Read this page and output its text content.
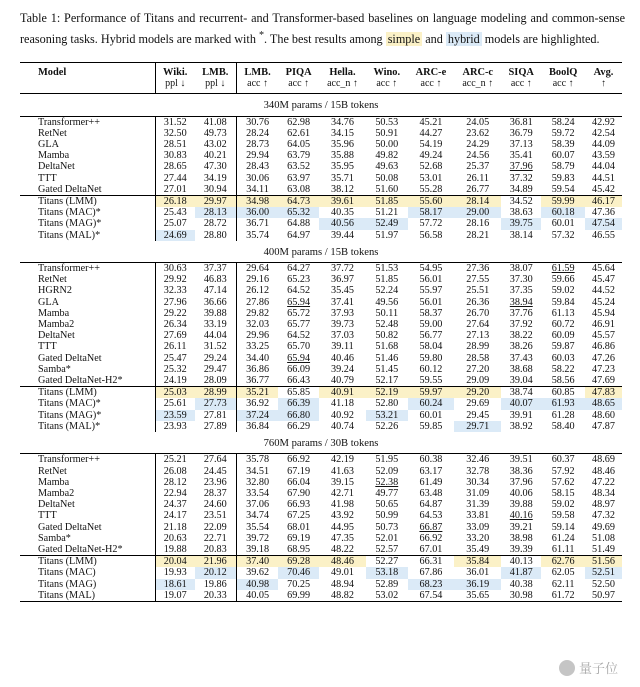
Table 1: Performance of Titans and recurrent- and Transformer-based baselines on language modeling and common-sense reasoning tasks. Hybrid models are marked with *. The best results among simple and hybrid models are highlighted.
Model	Wiki.	LMB.	LMB.	PIQA	Hella.	Wino.	ARC-e	ARC-c	SIQA	BoolQ	Avg.
	ppl ↓	ppl ↓	acc ↑	acc ↑	acc_n ↑	acc ↑	acc ↑	acc_n ↑	acc ↑	acc ↑	↑
340M params / 15B tokens											
Transformer++	31.52	41.08	30.76	62.98	34.76	50.53	45.21	24.05	36.81	58.24	42.92
RetNet	32.50	49.73	28.24	62.61	34.15	50.91	44.27	23.62	36.79	59.72	42.54
GLA	28.51	43.02	28.73	64.05	35.96	50.00	54.19	24.29	37.13	58.39	44.09
Mamba	30.83	40.21	29.94	63.79	35.88	49.82	49.24	24.56	35.41	60.07	43.59
DeltaNet	28.65	47.30	28.43	63.52	35.95	49.63	52.68	25.37	37.96	58.79	44.04
TTT	27.44	34.19	30.06	63.97	35.71	50.08	53.01	26.11	37.32	59.83	44.51
Gated DeltaNet	27.01	30.94	34.11	63.08	38.12	51.60	55.28	26.77	34.89	59.54	45.42
Titans (LMM)	26.18	29.97	34.98	64.73	39.61	51.85	55.60	28.14	34.52	59.99	46.17
Titans (MAC)*	25.43	28.13	36.00	65.32	40.35	51.21	58.17	29.00	38.63	60.18	47.36
Titans (MAG)*	25.07	28.72	36.71	64.88	40.56	52.49	57.72	28.16	39.75	60.01	47.54
Titans (MAL)*	24.69	28.80	35.74	64.97	39.44	51.97	56.58	28.21	38.14	57.32	46.55
400M params / 15B tokens											
Transformer++	30.63	37.37	29.64	64.27	37.72	51.53	54.95	27.36	38.07	61.59	45.64
RetNet	29.92	46.83	29.16	65.23	36.97	51.85	56.01	27.55	37.30	59.66	45.47
HGRN2	32.33	47.14	26.12	64.52	35.45	52.24	55.97	25.51	37.35	59.02	44.52
GLA	27.96	36.66	27.86	65.94	37.41	49.56	56.01	26.36	38.94	59.84	45.24
Mamba	29.22	39.88	29.82	65.72	37.93	50.11	58.37	26.70	37.76	61.13	45.94
Mamba2	26.34	33.19	32.03	65.77	39.73	52.48	59.00	27.64	37.92	60.72	46.91
DeltaNet	27.69	44.04	29.96	64.52	37.03	50.82	56.77	27.13	38.22	60.09	45.57
TTT	26.11	31.52	33.25	65.70	39.11	51.68	58.04	28.99	38.26	59.87	46.86
Gated DeltaNet	25.47	29.24	34.40	65.94	40.46	51.46	59.80	28.58	37.43	60.03	47.26
Samba*	25.32	29.47	36.86	66.09	39.24	51.45	60.12	27.20	38.68	58.22	47.23
Gated DeltaNet-H2*	24.19	28.09	36.77	66.43	40.79	52.17	59.55	29.09	39.04	58.56	47.69
Titans (LMM)	25.03	28.99	35.21	65.85	40.91	52.19	59.97	29.20	38.74	60.85	47.83
Titans (MAC)*	25.61	27.73	36.92	66.39	41.18	52.80	60.24	29.69	40.07	61.93	48.65
Titans (MAG)*	23.59	27.81	37.24	66.80	40.92	53.21	60.01	29.45	39.91	61.28	48.60
Titans (MAL)*	23.93	27.89	36.84	66.29	40.74	52.26	59.85	29.71	38.92	58.40	47.87
760M params / 30B tokens											
Transformer++	25.21	27.64	35.78	66.92	42.19	51.95	60.38	32.46	39.51	60.37	48.69
RetNet	26.08	24.45	34.51	67.19	41.63	52.09	63.17	32.78	38.36	57.92	48.46
Mamba	28.12	23.96	32.80	66.04	39.15	52.38	61.49	30.34	37.96	57.62	47.22
Mamba2	22.94	28.37	33.54	67.90	42.71	49.77	63.48	31.09	40.06	58.15	48.34
DeltaNet	24.37	24.60	37.06	66.93	41.98	50.65	64.87	31.39	39.88	59.02	48.97
TTT	24.17	23.51	34.74	67.25	43.92	50.99	64.53	33.81	40.16	59.58	47.32
Gated DeltaNet	21.18	22.09	35.54	68.01	44.95	50.73	66.87	33.09	39.21	59.14	49.69
Samba*	20.63	22.71	39.72	69.19	47.35	52.01	66.92	33.20	38.98	61.24	51.08
Gated DeltaNet-H2*	19.88	20.83	39.18	68.95	48.22	52.57	67.01	35.49	39.39	61.11	51.49
Titans (LMM)	20.04	21.96	37.40	69.28	48.46	52.27	66.31	35.84	40.13	62.76	51.56
Titans (MAC)	19.93	20.12	39.62	70.46	49.01	53.18	67.86	36.01	41.87	62.05	52.51
Titans (MAG)	18.61	19.86	40.98	70.25	48.94	52.89	68.23	36.19	40.38	62.11	52.50
Titans (MAL)	19.07	20.33	40.05	69.99	48.82	53.02	67.54	35.65	30.98	61.72	50.97
量子位
